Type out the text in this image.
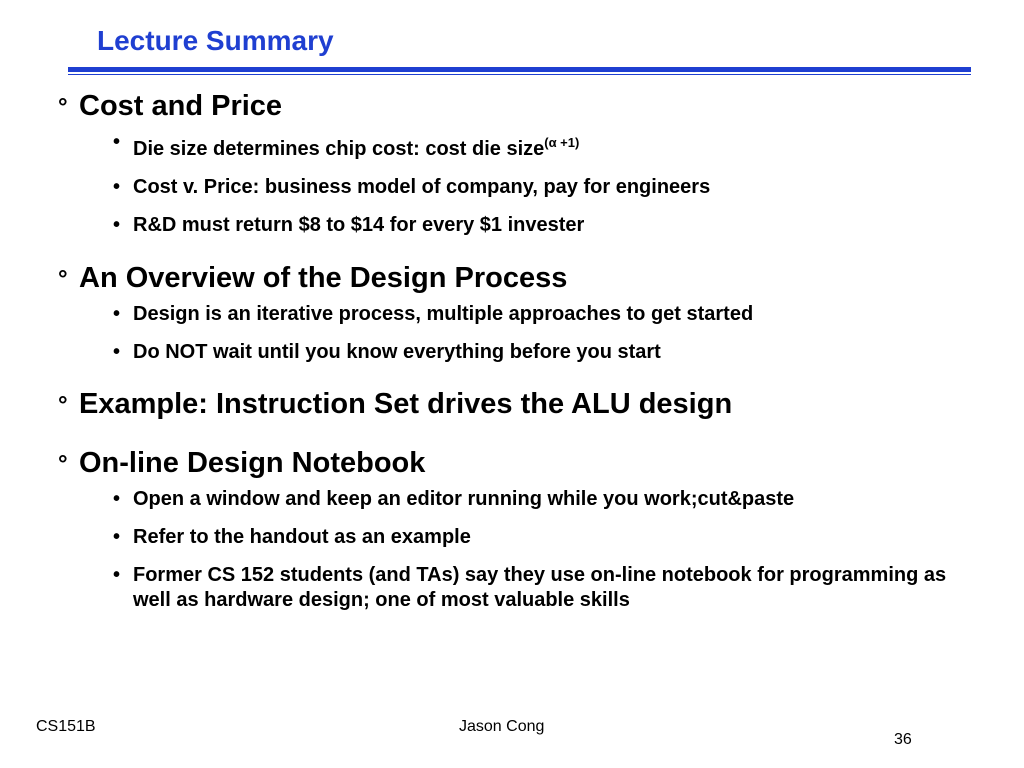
Lecture Summary
° Cost and Price
• Die size determines chip cost: cost die size$^{(\alpha +1)}$
• Cost v. Price: business model of company, pay for engineers
• R&D must return $8 to $14 for every $1 invester
° An Overview of the Design Process
• Design is an iterative process, multiple approaches to get started
• Do NOT wait until you know everything before you start
° Example: Instruction Set drives the ALU design
° On-line Design Notebook
• Open a window and keep an editor running while you work;cut&paste
• Refer to the handout as an example
• Former CS 152 students (and TAs) say they use on-line notebook for programming as well as hardware design; one of most valuable skills
CS151B	Jason Cong
36
